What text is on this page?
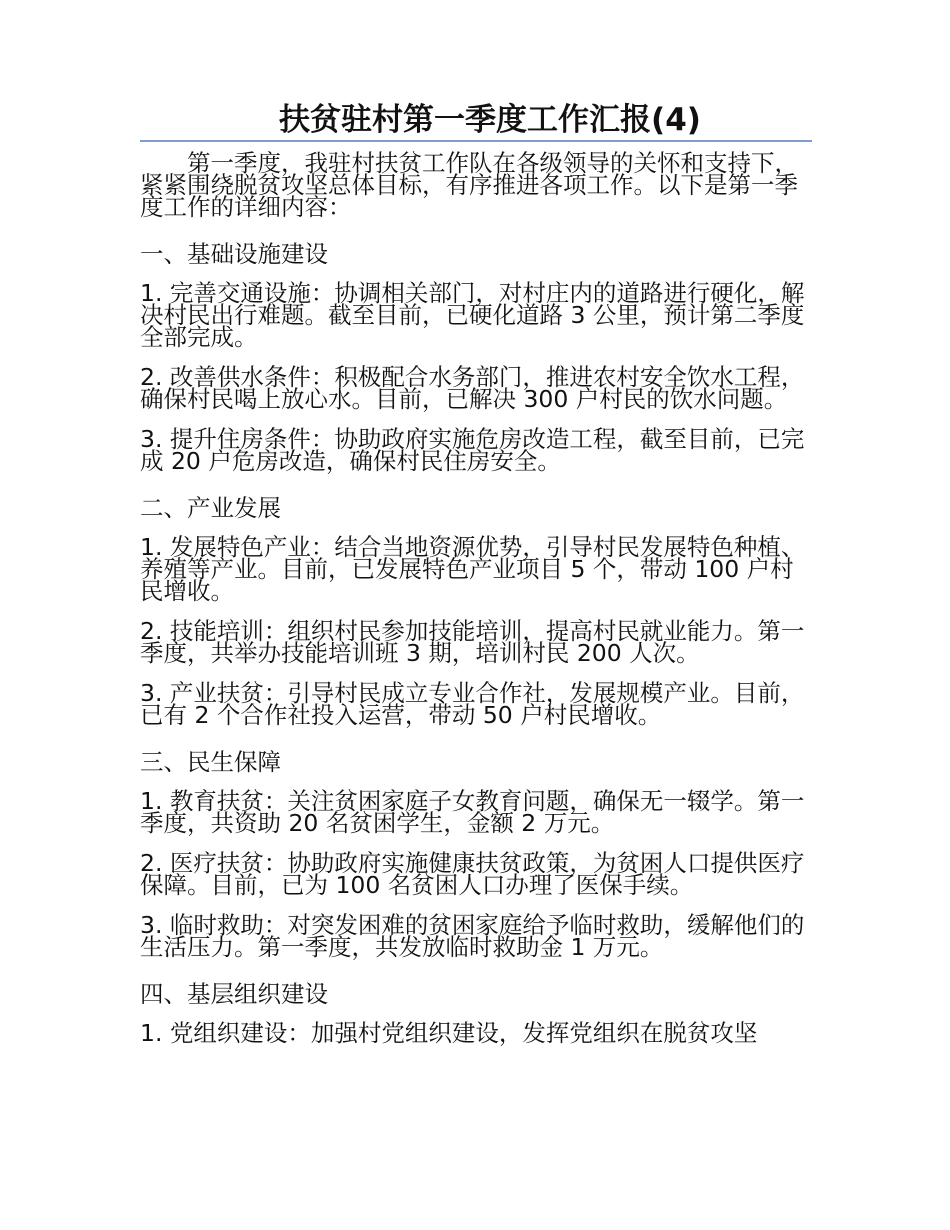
扶贫驻村第一季度工作汇报(4)

第一季度，我驻村扶贫工作队在各级领导的关怀和支持下，紧紧围绕脱贫攻坚总体目标，有序推进各项工作。以下是第一季度工作的详细内容：

一、基础设施建设

1. 完善交通设施：协调相关部门，对村庄内的道路进行硬化，解决村民出行难题。截至目前，已硬化道路 3 公里，预计第二季度全部完成。

2. 改善供水条件：积极配合水务部门，推进农村安全饮水工程，确保村民喝上放心水。目前，已解决 300 户村民的饮水问题。

3. 提升住房条件：协助政府实施危房改造工程，截至目前，已完成 20 户危房改造，确保村民住房安全。

二、产业发展

1. 发展特色产业：结合当地资源优势，引导村民发展特色种植、养殖等产业。目前，已发展特色产业项目 5 个，带动 100 户村民增收。

2. 技能培训：组织村民参加技能培训，提高村民就业能力。第一季度，共举办技能培训班 3 期，培训村民 200 人次。

3. 产业扶贫：引导村民成立专业合作社，发展规模产业。目前，已有 2 个合作社投入运营，带动 50 户村民增收。

三、民生保障

1. 教育扶贫：关注贫困家庭子女教育问题，确保无一辍学。第一季度，共资助 20 名贫困学生，金额 2 万元。

2. 医疗扶贫：协助政府实施健康扶贫政策，为贫困人口提供医疗保障。目前，已为 100 名贫困人口办理了医保手续。

3. 临时救助：对突发困难的贫困家庭给予临时救助，缓解他们的生活压力。第一季度，共发放临时救助金 1 万元。

四、基层组织建设

1. 党组织建设：加强村党组织建设，发挥党组织在脱贫攻坚
